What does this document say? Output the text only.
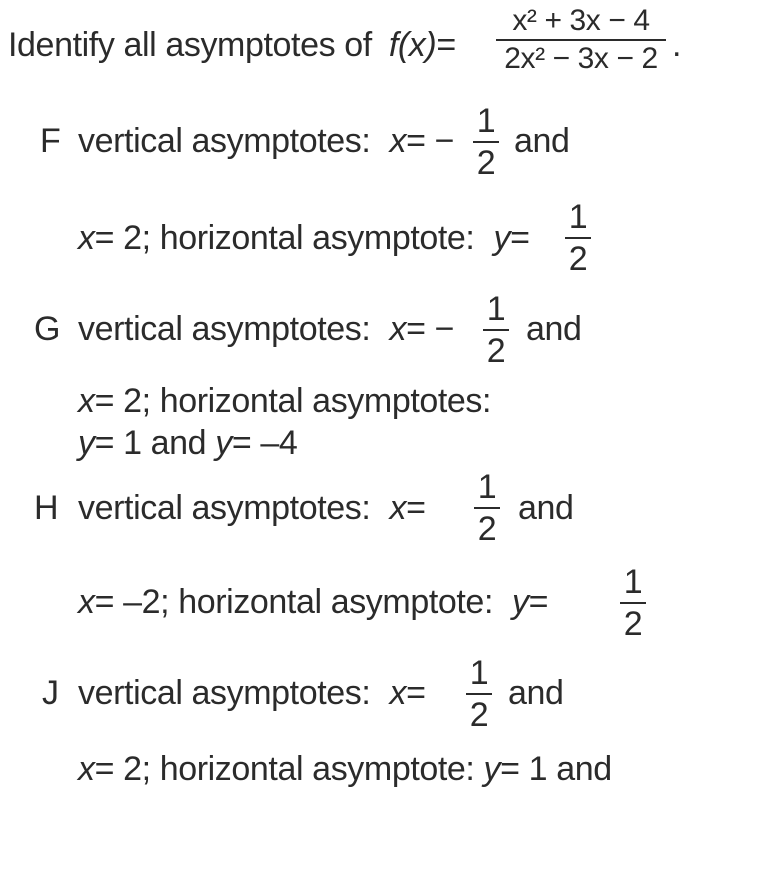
Identify all asymptotes of f(x)=
x² + 3x − 4
2x² − 3x − 2 .
F vertical asymptotes: x= −
1
2
and
x= 2; horizontal asymptote: y=
1
2
G vertical asymptotes: x= −
1
2
and
x= 2; horizontal asymptotes:
y= 1 and y= –4
H vertical asymptotes: x=
1
2
and
x= –2; horizontal asymptote: y=
1
2
J vertical asymptotes: x=
1
2
and
x= 2; horizontal asymptote: y= 1 and
